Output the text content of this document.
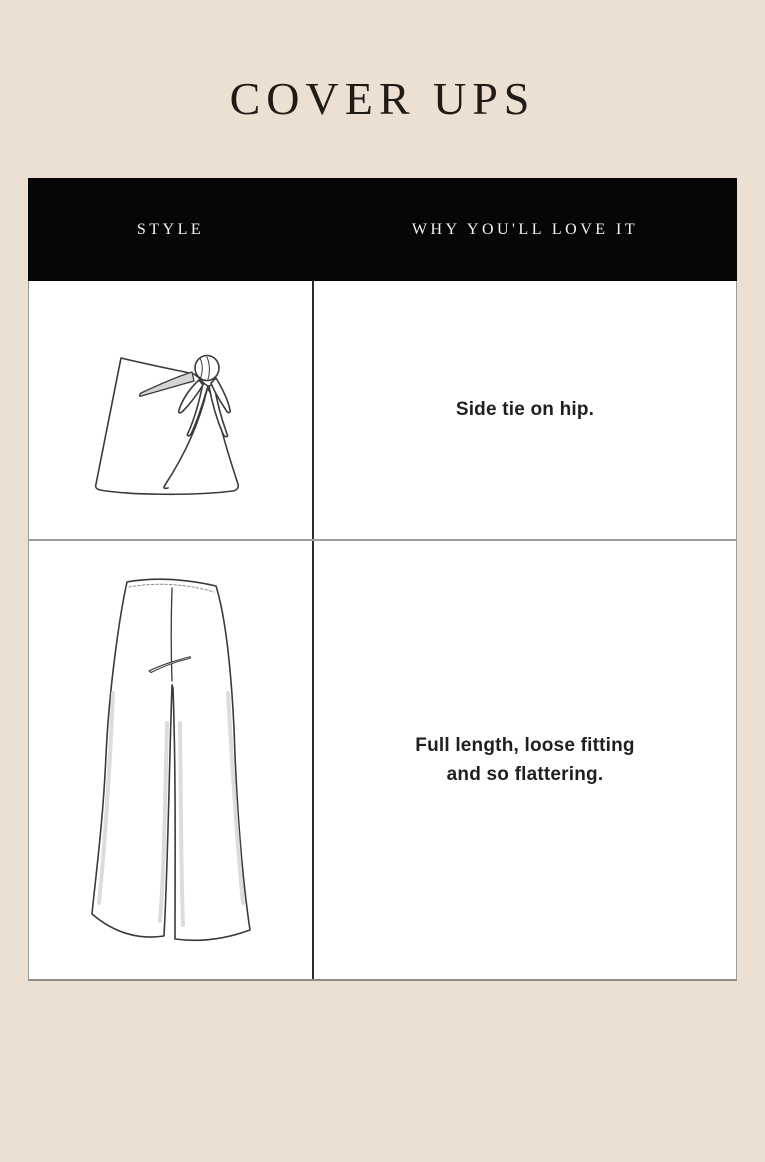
COVER UPS
STYLE	WHY YOU'LL LOVE IT

Side tie on hip.

Full length, loose fitting and so flattering.
